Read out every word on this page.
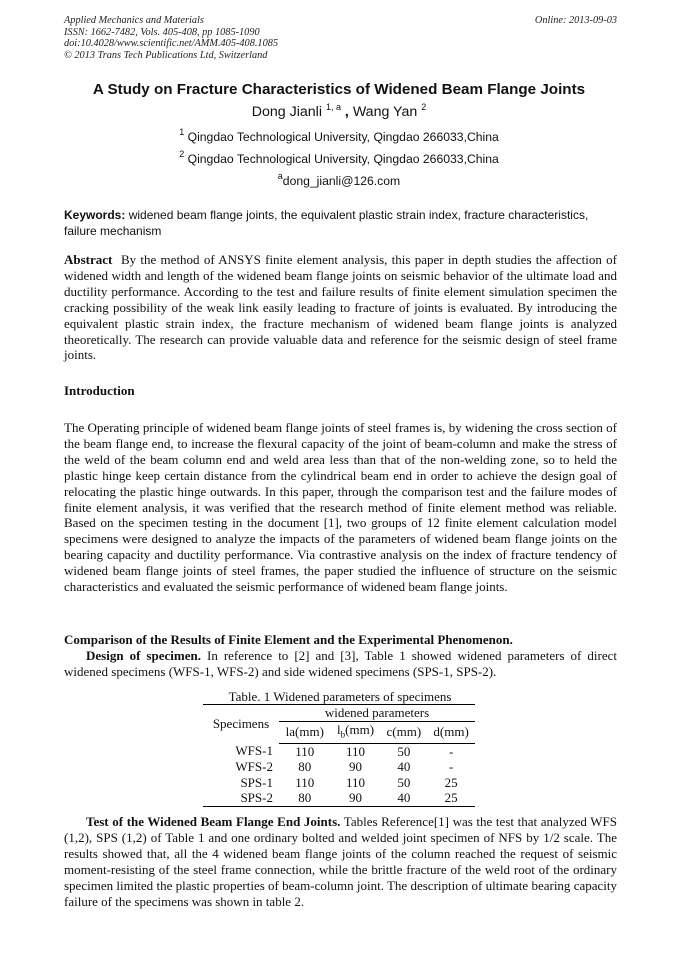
Applied Mechanics and Materials
ISSN: 1662-7482, Vols. 405-408, pp 1085-1090
doi:10.4028/www.scientific.net/AMM.405-408.1085
© 2013 Trans Tech Publications Ltd, Switzerland
Online: 2013-09-03
A Study on Fracture Characteristics of Widened Beam Flange Joints
Dong Jianli $^{1, a}$ , Wang Yan $^2$
$^1$ Qingdao Technological University, Qingdao 266033,China
$^2$ Qingdao Technological University, Qingdao 266033,China
$^a$dong_jianli@126.com
Keywords: widened beam flange joints, the equivalent plastic strain index, fracture characteristics, failure mechanism
Abstract By the method of ANSYS finite element analysis, this paper in depth studies the affection of widened width and length of the widened beam flange joints on seismic behavior of the ultimate load and ductility performance. According to the test and failure results of finite element simulation specimen the cracking possibility of the weak link easily leading to fracture of joints is evaluated. By introducing the equivalent plastic strain index, the fracture mechanism of widened beam flange joints is analyzed theoretically. The research can provide valuable data and reference for the seismic design of steel frame joints.
Introduction
The Operating principle of widened beam flange joints of steel frames is, by widening the cross section of the beam flange end, to increase the flexural capacity of the joint of beam-column and make the stress of the weld of the beam column end and weld area less than that of the non-welding zone, so to held the plastic hinge keep certain distance from the cylindrical beam end in order to achieve the design goal of relocating the plastic hinge outwards. In this paper, through the comparison test and the failure modes of finite element analysis, it was verified that the research method of finite element method was reliable. Based on the specimen testing in the document [1], two groups of 12 finite element calculation model specimens were designed to analyze the impacts of the parameters of widened beam flange joints on the bearing capacity and ductility performance. Via contrastive analysis on the index of fracture tendency of widened beam flange joints of steel frames, the paper studied the influence of structure on the seismic characteristics and evaluated the seismic performance of widened beam flange joints.
Comparison of the Results of Finite Element and the Experimental Phenomenon.
Design of specimen. In reference to [2] and [3], Table 1 showed widened parameters of direct widened specimens (WFS-1, WFS-2) and side widened specimens (SPS-1, SPS-2).
Table. 1 Widened parameters of specimens
Specimens	widened parameters			
	la(mm)	$l_b(mm)$	c(mm)	d(mm)
WFS-1	110	110	50	-
WFS-2	80	90	40	-
SPS-1	110	110	50	25
SPS-2	80	90	40	25
Test of the Widened Beam Flange End Joints. Tables Reference[1] was the test that analyzed WFS (1,2), SPS (1,2) of Table 1 and one ordinary bolted and welded joint specimen of NFS by 1/2 scale. The results showed that, all the 4 widened beam flange joints of the column reached the request of seismic moment-resisting of the steel frame connection, while the brittle fracture of the weld root of the ordinary specimen limited the plastic properties of beam-column joint. The description of ultimate bearing capacity failure of the specimens was shown in table 2.
